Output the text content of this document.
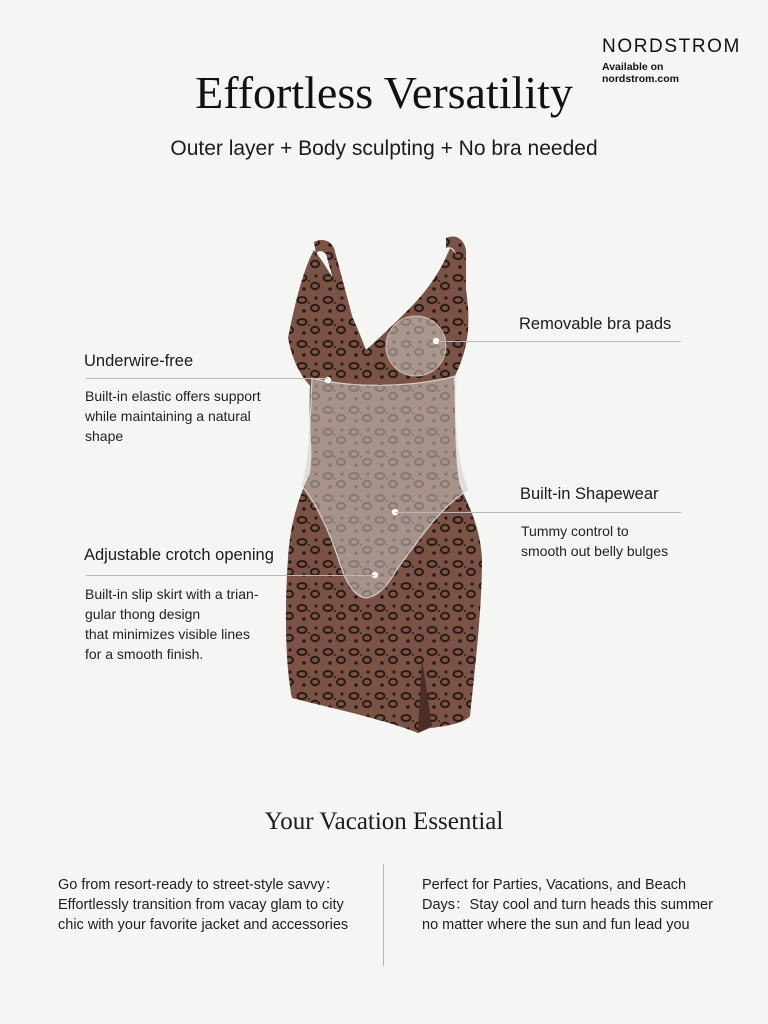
NORDSTROM
Available on nordstrom.com
Effortless Versatility
Outer layer + Body sculpting + No bra needed
Removable bra pads
Underwire-free
Built-in elastic offers support
while maintaining a natural
shape
Built-in Shapewear
Tummy control to
smooth out belly bulges
Adjustable crotch opening
Built-in slip skirt with a trian-
gular thong design
that minimizes visible lines
for a smooth finish.
Your Vacation Essential
Go from resort-ready to street-style savvy：
Effortlessly transition from vacay glam to city
chic with your favorite jacket and accessories
Perfect for Parties, Vacations, and Beach
Days：Stay cool and turn heads this summer
no matter where the sun and fun lead you
